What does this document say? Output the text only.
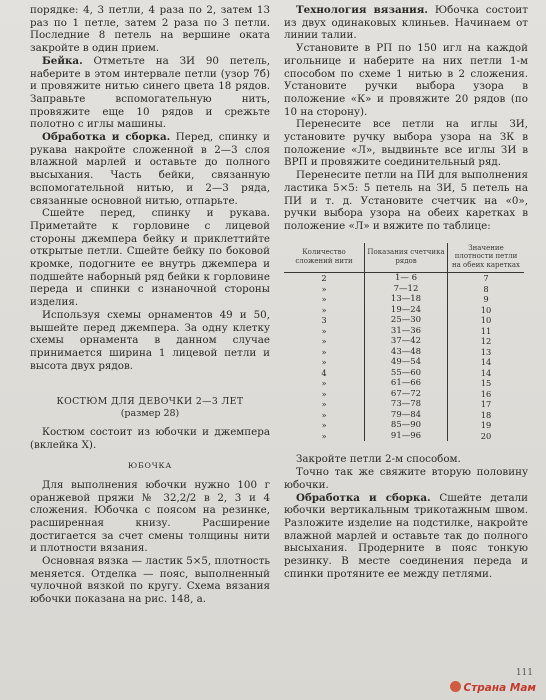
порядке: 4, 3 петли, 4 раза по 2, затем 13 раз по 1 петле, затем 2 раза по 3 петли. Последние 8 петель на вершине оката закройте в один прием.

Бейка. Отметьте на ЗИ 90 петель, наберите в этом интервале петли (узор 7б) и провяжите нитью синего цвета 18 рядов. Заправьте вспомогательную нить, провяжите еще 10 рядов и срежьте полотно с иглы машины.

Обработка и сборка. Перед, спинку и рукава накройте сложенной в 2—3 слоя влажной марлей и оставьте до полного высыхания. Часть бейки, связанную вспомогательной нитью, и 2—3 ряда, связанные основной нитью, отпарьте.

Сшейте перед, спинку и рукава. Приметайте к горловине с лицевой стороны джемпера бейку и приклеттийте открытые петли. Сшейте бейку по боковой кромке, подогните ее внутрь джемпера и подшейте наборный ряд бейки к горловине переда и спинки с изнаночной стороны изделия.

Используя схемы орнаментов 49 и 50, вышейте перед джемпера. За одну клетку схемы орнамента в данном случае принимается ширина 1 лицевой петли и высота двух рядов.

КОСТЮМ ДЛЯ ДЕВОЧКИ 2—3 ЛЕТ

(размер 28)

Костюм состоит из юбочки и джемпера (вклейка X).

ЮБОЧКА

Для выполнения юбочки нужно 100 г оранжевой пряжи № 32,2/2 в 2, 3 и 4 сложения. Юбочка с поясом на резинке, расширенная книзу. Расширение достигается за счет смены толщины нити и плотности вязания.

Основная вязка — ластик 5×5, плотность меняется. Отделка — пояс, выполненный чулочной вязкой по кругу. Схема вязания юбочки показана на рис. 148, а.

Технология вязания. Юбочка состоит из двух одинаковых клиньев. Начинаем от линии талии.

Установите в РП по 150 игл на каждой игольнице и наберите на них петли 1-м способом по схеме 1 нитью в 2 сложения. Установите ручки выбора узора в положение «К» и провяжите 20 рядов (по 10 на сторону).

Перенесите все петли на иглы ЗИ, установите ручку выбора узора на ЗК в положение «Л», выдвиньте все иглы ЗИ в ВРП и провяжите соединительный ряд.

Перенесите петли на ПИ для выполнения ластика 5×5: 5 петель на ЗИ, 5 петель на ПИ и т. д. Установите счетчик на «0», ручки выбора узора на обеих каретках в положение «Л» и вяжите по таблице:

Количество сложений нити	Показания счетчика рядов	Значение плотности петли на обеих каретках
2	1— 6	7
»	7—12	8
»	13—18	9
»	19—24	10
3	25—30	10
»	31—36	11
»	37—42	12
»	43—48	13
»	49—54	14
4	55—60	14
»	61—66	15
»	67—72	16
»	73—78	17
»	79—84	18
»	85—90	19
»	91—96	20

Закройте петли 2-м способом.

Точно так же свяжите вторую половину юбочки.

Обработка и сборка. Сшейте детали юбочки вертикальным трикотажным швом. Разложите изделие на подстилке, накройте влажной марлей и оставьте так до полного высыхания. Продерните в пояс тонкую резинку. В месте соединения переда и спинки протяните ее между петлями.

111
Страна Мам
